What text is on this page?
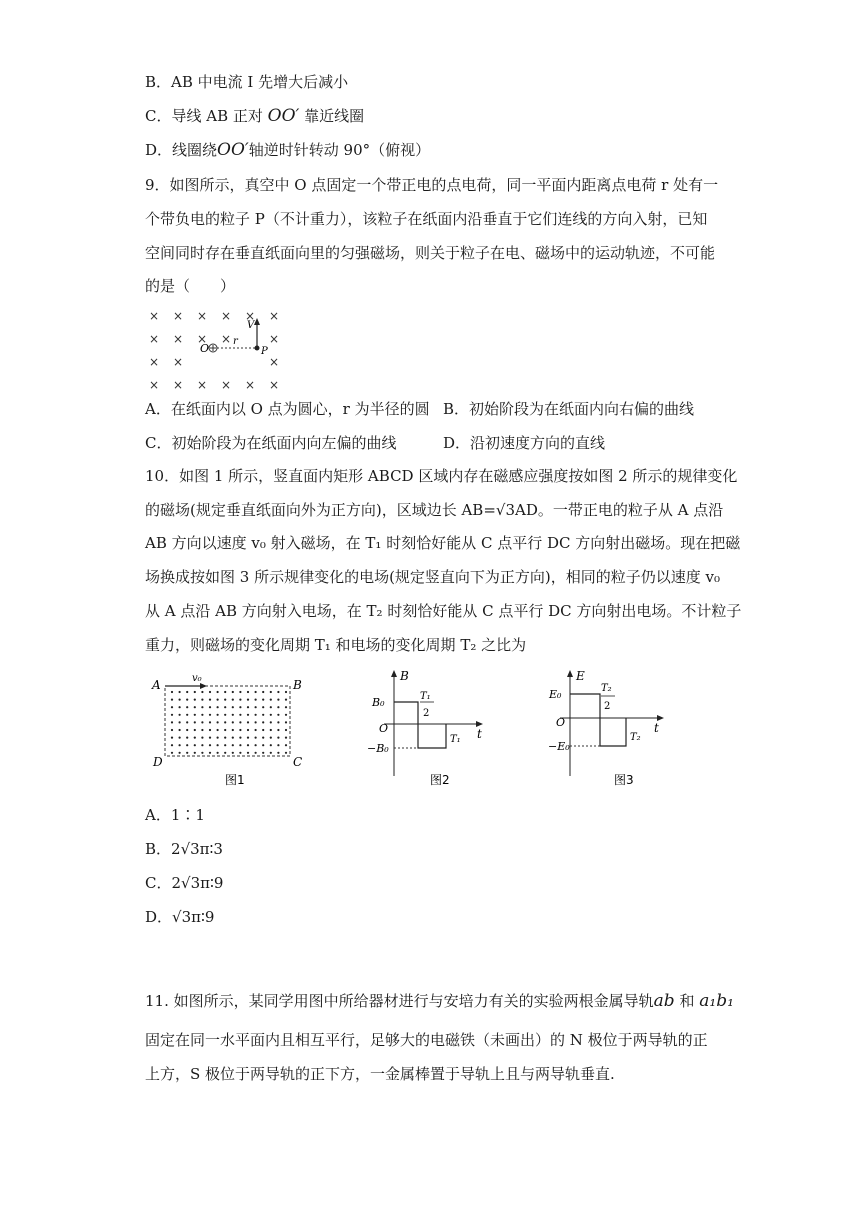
B．AB 中电流 I 先增大后减小
C．导线 AB 正对 OO′ 靠近线圈
D．线圈绕OO′轴逆时针转动 90°（俯视）
9．如图所示，真空中 O 点固定一个带正电的点电荷，同一平面内距离点电荷 r 处有一
个带负电的粒子 P（不计重力），该粒子在纸面内沿垂直于它们连线的方向入射，已知
空间同时存在垂直纸面向里的匀强磁场，则关于粒子在电、磁场中的运动轨迹，不可能
的是（　　）
× × × × × ×
× × × ×	×
× ×	×
× × × × × ×
O
r
V
P
A．在纸面内以 O 点为圆心，r 为半径的圆 B．初始阶段为在纸面内向右偏的曲线
C．初始阶段为在纸面内向左偏的曲线	D．沿初速度方向的直线
10．如图 1 所示，竖直面内矩形 ABCD 区域内存在磁感应强度按如图 2 所示的规律变化
的磁场(规定垂直纸面向外为正方向)，区域边长 AB=√3AD。一带正电的粒子从 A 点沿
AB 方向以速度 v₀ 射入磁场，在 T₁ 时刻恰好能从 C 点平行 DC 方向射出磁场。现在把磁
场换成按如图 3 所示规律变化的电场(规定竖直向下为正方向)，相同的粒子仍以速度 v₀
从 A 点沿 AB 方向射入电场，在 T₂ 时刻恰好能从 C 点平行 DC 方向射出电场。不计粒子
重力，则磁场的变化周期 T₁ 和电场的变化周期 T₂ 之比为
A	B
C
D
v₀
图1
B
t
B₀
−B₀
O
T₁
2
T₁
图2
E
t
E₀
−E₀
O
T₂
2
T₂
图3
A．1∶1
B．2√3π∶3
C．2√3π∶9
D．√3π∶9
11. 如图所示，某同学用图中所给器材进行与安培力有关的实验两根金属导轨ab 和 a₁b₁
固定在同一水平面内且相互平行，足够大的电磁铁（未画出）的 N 极位于两导轨的正
上方，S 极位于两导轨的正下方，一金属棒置于导轨上且与两导轨垂直.
